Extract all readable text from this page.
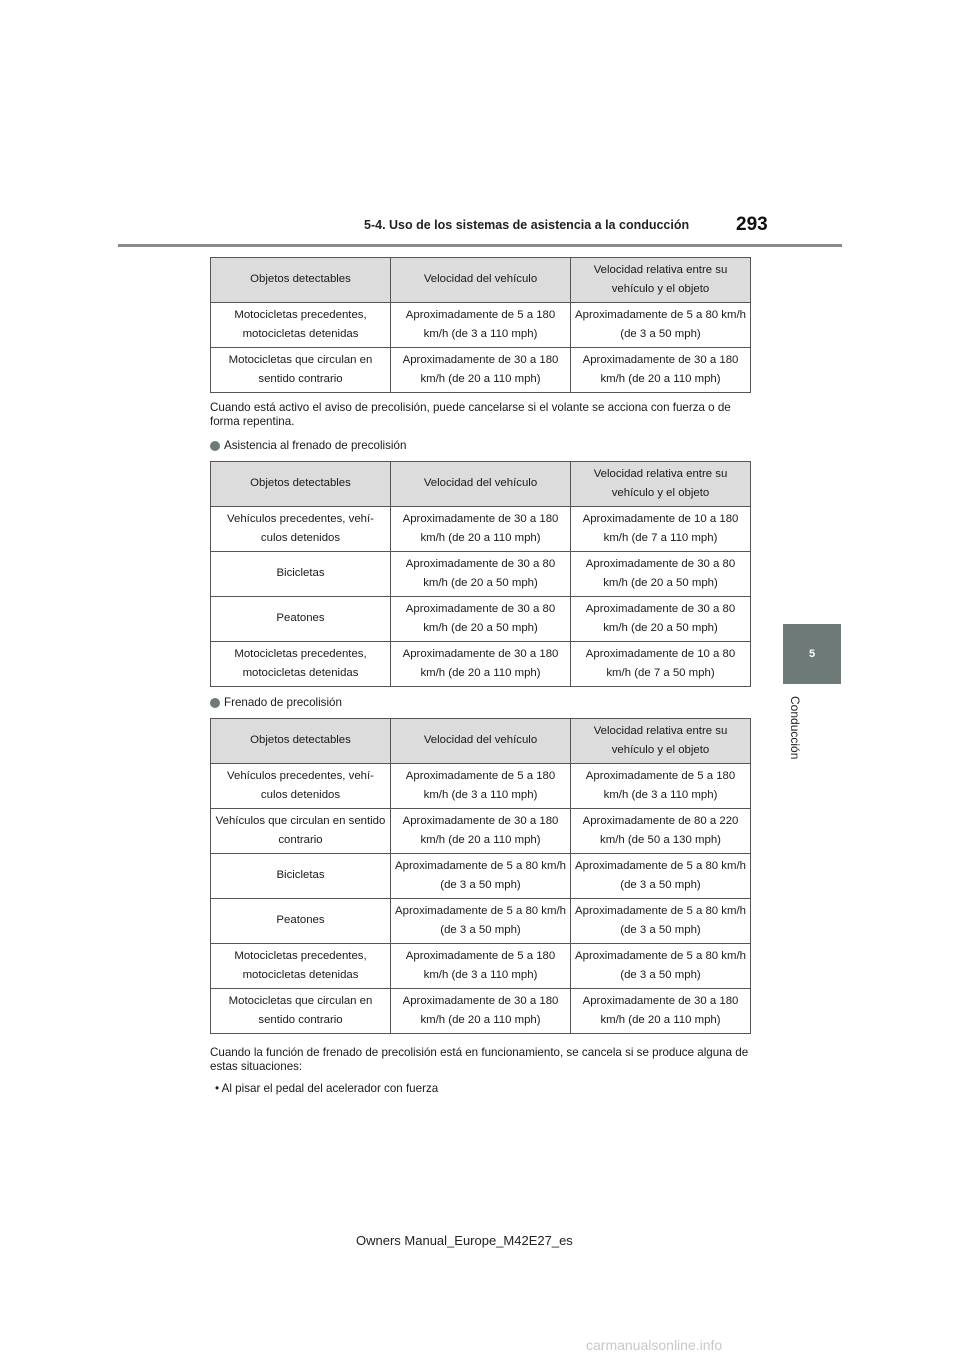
5-4. Uso de los sistemas de asistencia a la conducción 293
5
Conducción
Objetos detectables	Velocidad del vehículo	Velocidad relativa entre su vehículo y el objeto
Motocicletas precedentes, motocicletas detenidas	Aproximadamente de 5 a 180 km/h (de 3 a 110 mph)	Aproximadamente de 5 a 80 km/h (de 3 a 50 mph)
Motocicletas que circulan en sentido contrario	Aproximadamente de 30 a 180 km/h (de 20 a 110 mph)	Aproximadamente de 30 a 180 km/h (de 20 a 110 mph)
Cuando está activo el aviso de precolisión, puede cancelarse si el volante se acciona con fuerza o de forma repentina.
Asistencia al frenado de precolisión
Objetos detectables	Velocidad del vehículo	Velocidad relativa entre su vehículo y el objeto
Vehículos precedentes, vehí-culos detenidos	Aproximadamente de 30 a 180 km/h (de 20 a 110 mph)	Aproximadamente de 10 a 180 km/h (de 7 a 110 mph)
Bicicletas	Aproximadamente de 30 a 80 km/h (de 20 a 50 mph)	Aproximadamente de 30 a 80 km/h (de 20 a 50 mph)
Peatones	Aproximadamente de 30 a 80 km/h (de 20 a 50 mph)	Aproximadamente de 30 a 80 km/h (de 20 a 50 mph)
Motocicletas precedentes, motocicletas detenidas	Aproximadamente de 30 a 180 km/h (de 20 a 110 mph)	Aproximadamente de 10 a 80 km/h (de 7 a 50 mph)
Frenado de precolisión
Objetos detectables	Velocidad del vehículo	Velocidad relativa entre su vehículo y el objeto
Vehículos precedentes, vehí-culos detenidos	Aproximadamente de 5 a 180 km/h (de 3 a 110 mph)	Aproximadamente de 5 a 180 km/h (de 3 a 110 mph)
Vehículos que circulan en sentido contrario	Aproximadamente de 30 a 180 km/h (de 20 a 110 mph)	Aproximadamente de 80 a 220 km/h (de 50 a 130 mph)
Bicicletas	Aproximadamente de 5 a 80 km/h (de 3 a 50 mph)	Aproximadamente de 5 a 80 km/h (de 3 a 50 mph)
Peatones	Aproximadamente de 5 a 80 km/h (de 3 a 50 mph)	Aproximadamente de 5 a 80 km/h (de 3 a 50 mph)
Motocicletas precedentes, motocicletas detenidas	Aproximadamente de 5 a 180 km/h (de 3 a 110 mph)	Aproximadamente de 5 a 80 km/h (de 3 a 50 mph)
Motocicletas que circulan en sentido contrario	Aproximadamente de 30 a 180 km/h (de 20 a 110 mph)	Aproximadamente de 30 a 180 km/h (de 20 a 110 mph)
Cuando la función de frenado de precolisión está en funcionamiento, se cancela si se produce alguna de estas situaciones:
• Al pisar el pedal del acelerador con fuerza
Owners Manual_Europe_M42E27_es
carmanualsonline.info
